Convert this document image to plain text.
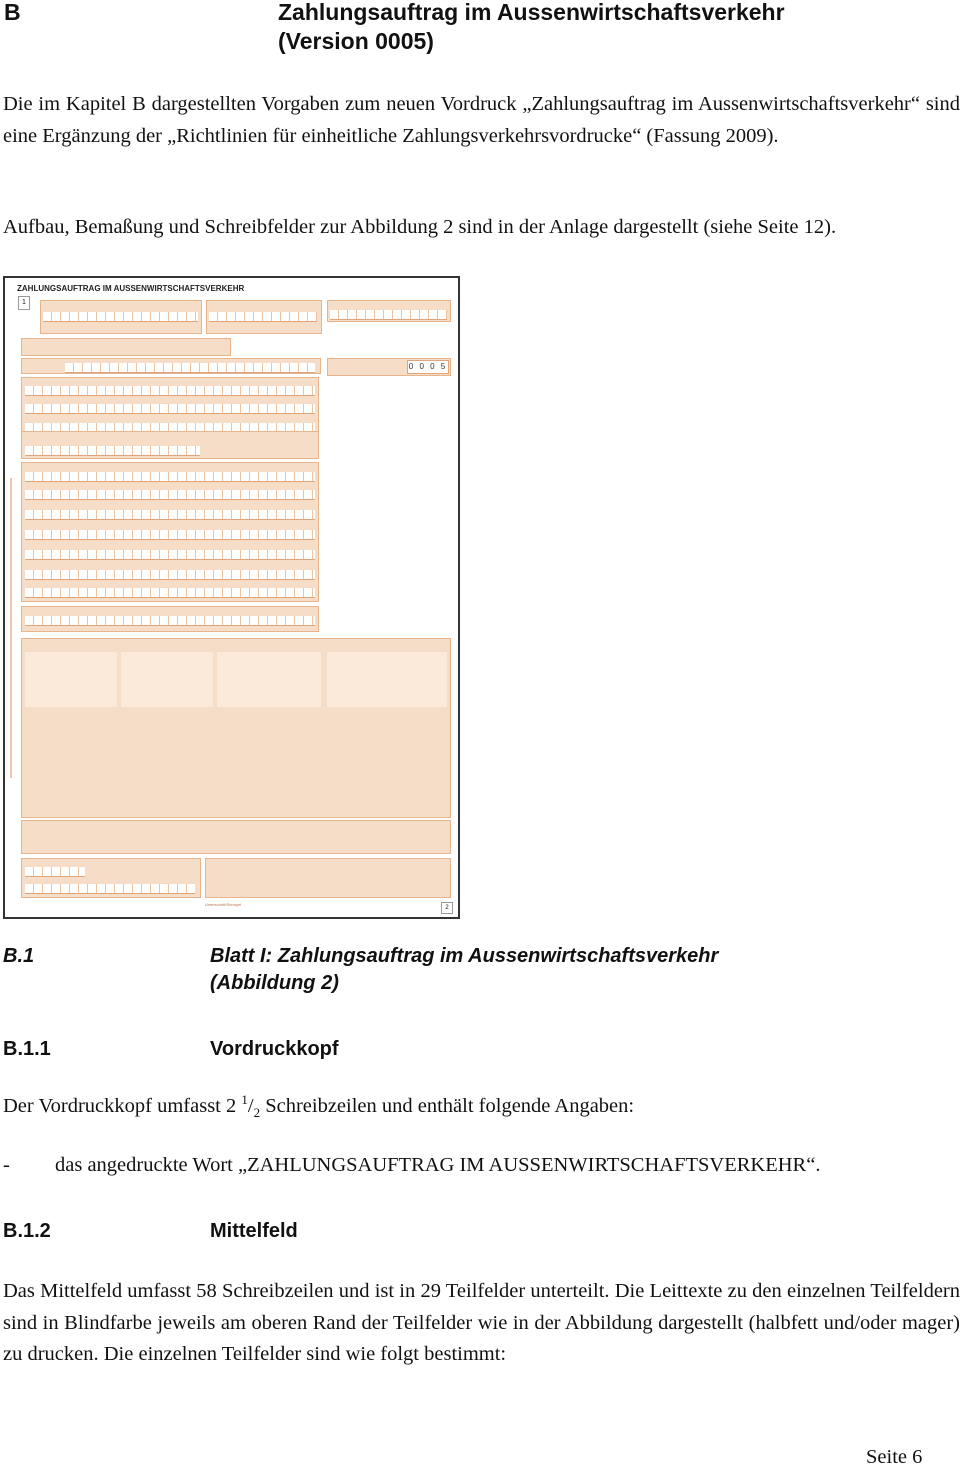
B	Zahlungsauftrag im Aussenwirtschaftsverkehr
(Version 0005)
Die im Kapitel B dargestellten Vorgaben zum neuen Vordruck „Zahlungsauftrag im Aussenwirtschaftsverkehr“ sind eine Ergänzung der „Richtlinien für einheitliche Zahlungsverkehrsvordrucke“ (Fassung 2009).
Aufbau, Bemaßung und Schreibfelder zur Abbildung 2 sind in der Anlage dargestellt (siehe Seite 12).
ZAHLUNGSAUFTRAG IM AUSSENWIRTSCHAFTSVERKEHR
1
0 0 0 5
Unterschrift/Stempel
2
B.1	Blatt I: Zahlungsauftrag im Aussenwirtschaftsverkehr
(Abbildung 2)
B.1.1	Vordruckkopf
Der Vordruckkopf umfasst 2 $^1/_2$ Schreibzeilen und enthält folgende Angaben:
- das angedruckte Wort „ZAHLUNGSAUFTRAG IM AUSSENWIRTSCHAFTSVERKEHR“.
B.1.2	Mittelfeld
Das Mittelfeld umfasst 58 Schreibzeilen und ist in 29 Teilfelder unterteilt. Die Leittexte zu den einzelnen Teilfeldern sind in Blindfarbe jeweils am oberen Rand der Teilfelder wie in der Abbildung dargestellt (halbfett und/oder mager) zu drucken. Die einzelnen Teilfelder sind wie folgt bestimmt:
Seite 6
